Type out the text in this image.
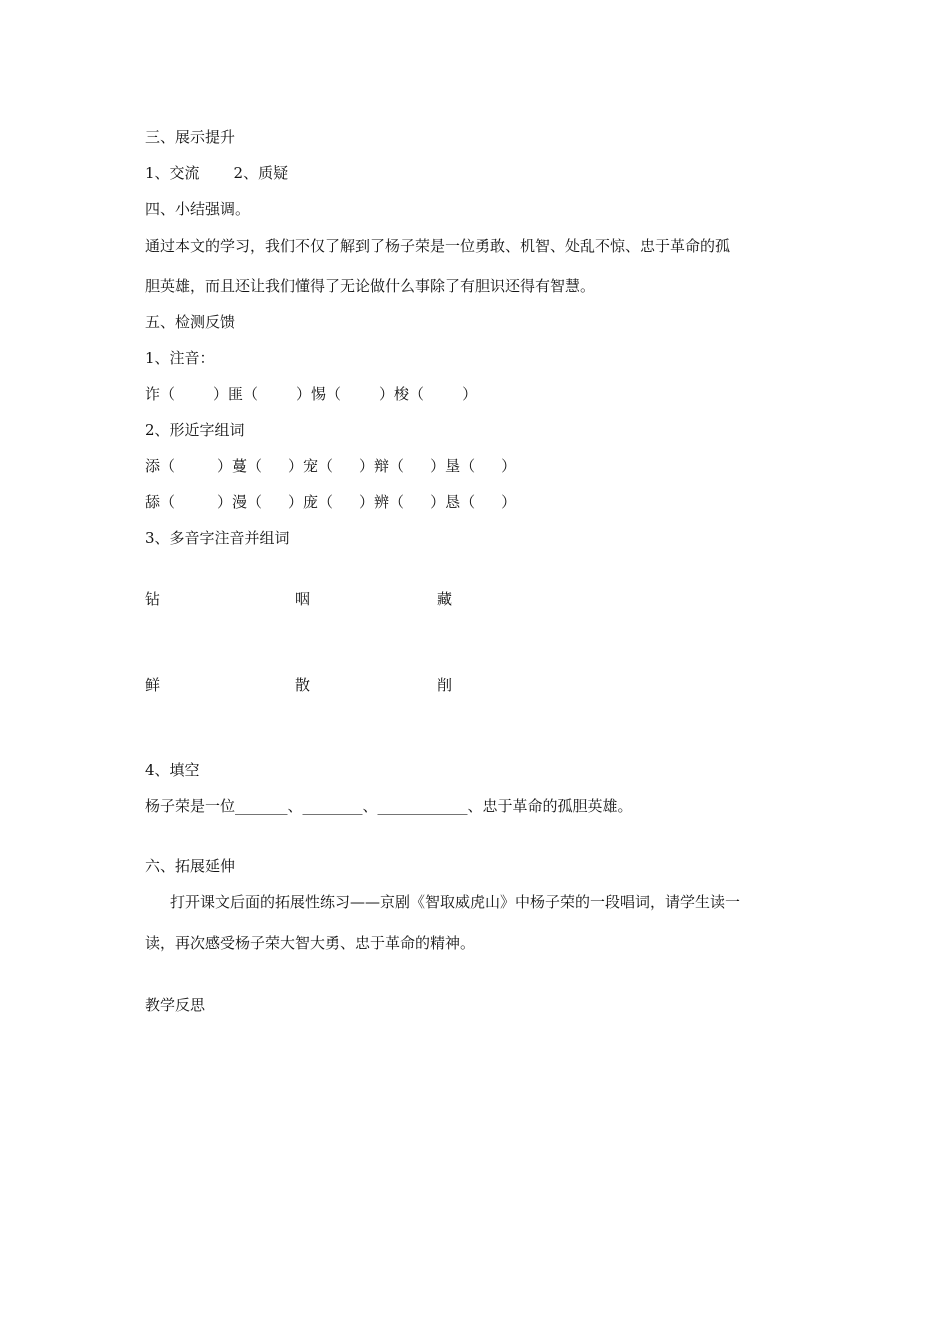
三、展示提升
1、交流 2、质疑
四、小结强调。
通过本文的学习，我们不仅了解到了杨子荣是一位勇敢、机智、处乱不惊、忠于革命的孤
胆英雄，而且还让我们懂得了无论做什么事除了有胆识还得有智慧。
五、检测反馈
1、注音：
诈（	）匪（	）惕（	）梭（	）
2、形近字组词
添（	）蔓（ ）宠（ ）辩（ ）垦（ ）
舔（	）漫（ ）庞（ ）辨（ ）恳（ ）
3、多音字注音并组词
钻	咽	藏
鲜	散	削
4、填空
杨子荣是一位_______、________、____________、忠于革命的孤胆英雄。
六、拓展延伸
打开课文后面的拓展性练习——京剧《智取威虎山》中杨子荣的一段唱词，请学生读一
读，再次感受杨子荣大智大勇、忠于革命的精神。
教学反思
